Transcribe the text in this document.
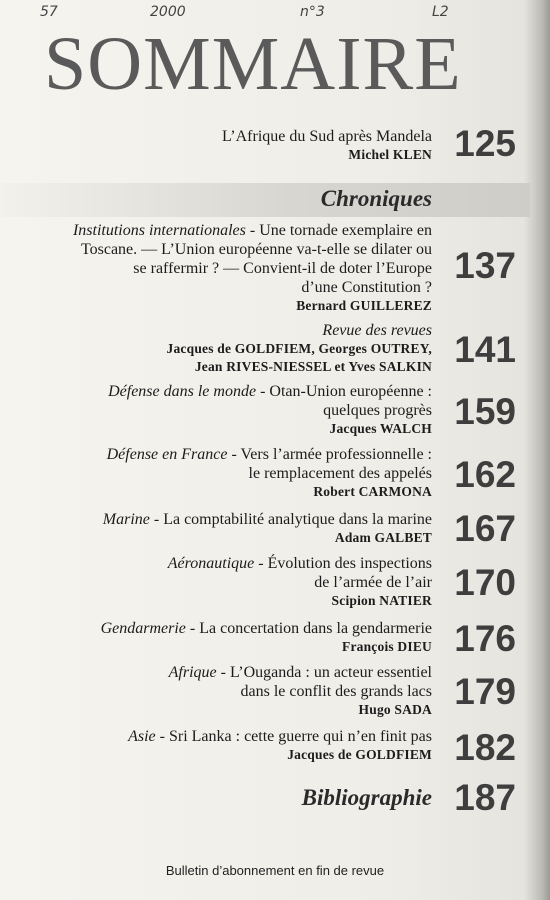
57	2000	n°3	L2
SOMMAIRE
L’Afrique du Sud après Mandela
Michel KLEN 125
Chroniques
Institutions internationales - Une tornade exemplaire en
Toscane. — L’Union européenne va-t-elle se dilater ou
se raffermir ? — Convient-il de doter l’Europe
d’une Constitution ?
Bernard GUILLEREZ
137
Revue des revues
Jacques de GOLDFIEM, Georges OUTREY,
Jean RIVES-NIESSEL et Yves SALKIN 141
Défense dans le monde - Otan-Union européenne :
quelques progrès
Jacques WALCH 159
Défense en France - Vers l’armée professionnelle :
le remplacement des appelés
Robert CARMONA 162
Marine - La comptabilité analytique dans la marine
Adam GALBET 167
Aéronautique - Évolution des inspections
de l’armée de l’air
Scipion NATIER 170
Gendarmerie - La concertation dans la gendarmerie
François DIEU 176
Afrique - L’Ouganda : un acteur essentiel
dans le conflit des grands lacs
Hugo SADA 179
Asie - Sri Lanka : cette guerre qui n’en finit pas
Jacques de GOLDFIEM 182
Bibliographie 187
Bulletin d’abonnement en fin de revue
